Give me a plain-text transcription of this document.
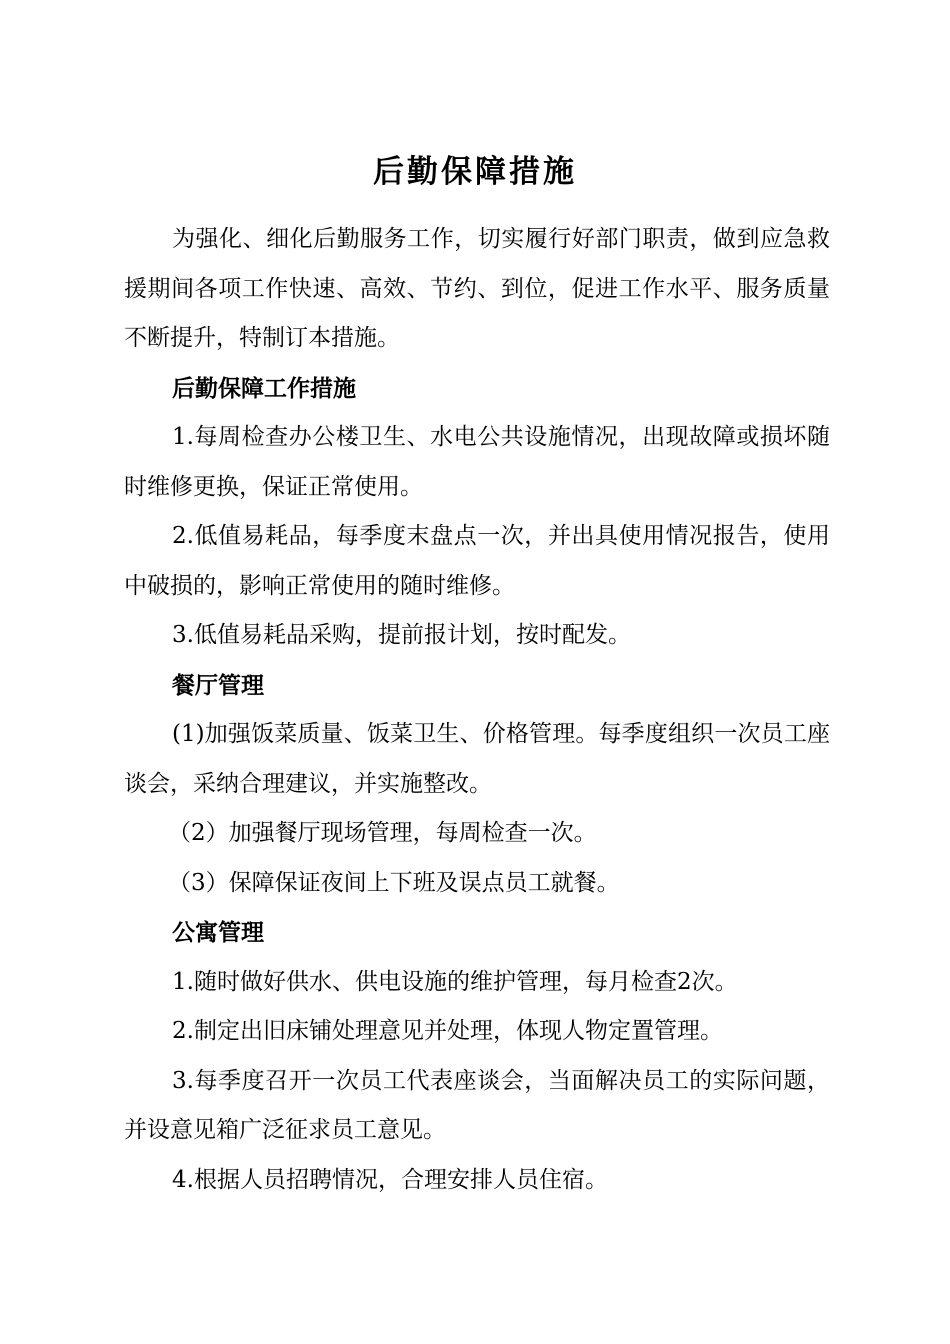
后勤保障措施

为强化、细化后勤服务工作，切实履行好部门职责，做到应急救援期间各项工作快速、高效、节约、到位，促进工作水平、服务质量不断提升，特制订本措施。

后勤保障工作措施

1.每周检查办公楼卫生、水电公共设施情况，出现故障或损坏随时维修更换，保证正常使用。

2.低值易耗品，每季度末盘点一次，并出具使用情况报告，使用中破损的，影响正常使用的随时维修。

3.低值易耗品采购，提前报计划，按时配发。

餐厅管理

(1)加强饭菜质量、饭菜卫生、价格管理。每季度组织一次员工座谈会，采纳合理建议，并实施整改。

（2）加强餐厅现场管理，每周检查一次。

（3）保障保证夜间上下班及误点员工就餐。

公寓管理

1.随时做好供水、供电设施的维护管理，每月检查2次。

2.制定出旧床铺处理意见并处理，体现人物定置管理。

3.每季度召开一次员工代表座谈会，当面解决员工的实际问题，并设意见箱广泛征求员工意见。

4.根据人员招聘情况，合理安排人员住宿。
